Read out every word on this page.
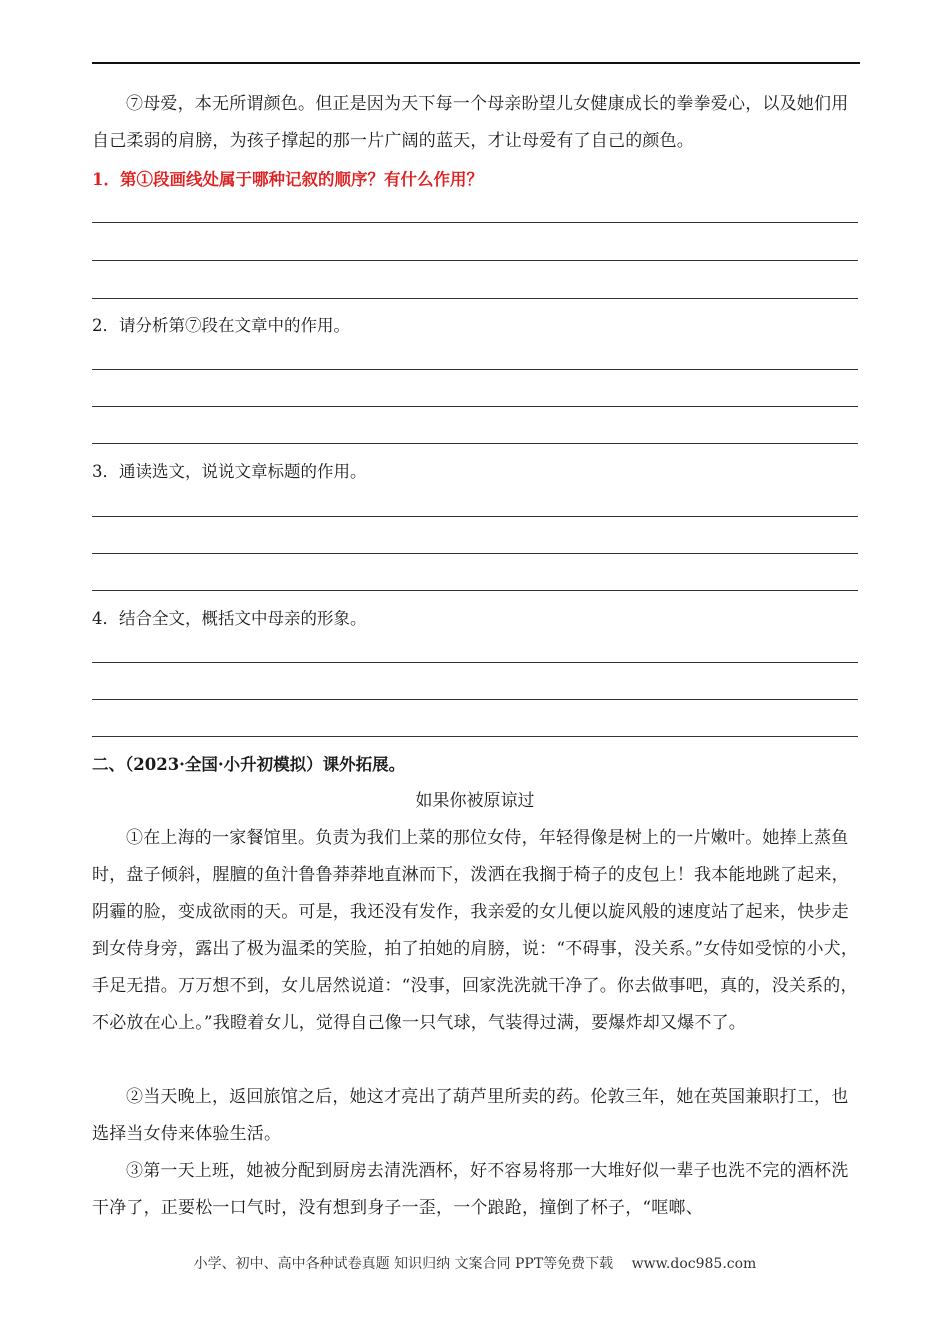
⑦母爱，本无所谓颜色。但正是因为天下每一个母亲盼望儿女健康成长的拳拳爱心，以及她们用自己柔弱的肩膀，为孩子撑起的那一片广阔的蓝天，才让母爱有了自己的颜色。
1．第①段画线处属于哪种记叙的顺序？有什么作用？
2．请分析第⑦段在文章中的作用。
3．通读选文，说说文章标题的作用。
4．结合全文，概括文中母亲的形象。
二、（2023·全国·小升初模拟）课外拓展。
如果你被原谅过
①在上海的一家餐馆里。负责为我们上菜的那位女侍，年轻得像是树上的一片嫩叶。她捧上蒸鱼时，盘子倾斜，腥膻的鱼汁鲁鲁莽莽地直淋而下，泼洒在我搁于椅子的皮包上！我本能地跳了起来，阴霾的脸，变成欲雨的天。可是，我还没有发作，我亲爱的女儿便以旋风般的速度站了起来，快步走到女侍身旁，露出了极为温柔的笑脸，拍了拍她的肩膀，说：“不碍事，没关系。”女侍如受惊的小犬，手足无措。万万想不到，女儿居然说道：“没事，回家洗洗就干净了。你去做事吧，真的，没关系的，不必放在心上。”我瞪着女儿，觉得自己像一只气球，气装得过满，要爆炸却又爆不了。
②当天晚上，返回旅馆之后，她这才亮出了葫芦里所卖的药。伦敦三年，她在英国兼职打工，也选择当女侍来体验生活。
③第一天上班，她被分配到厨房去清洗酒杯，好不容易将那一大堆好似一辈子也洗不完的酒杯洗干净了，正要松一口气时，没有想到身子一歪，一个踉跄，撞倒了杯子，“哐啷、
小学、初中、高中各种试卷真题 知识归纳 文案合同 PPT等免费下载　 www.doc985.com
